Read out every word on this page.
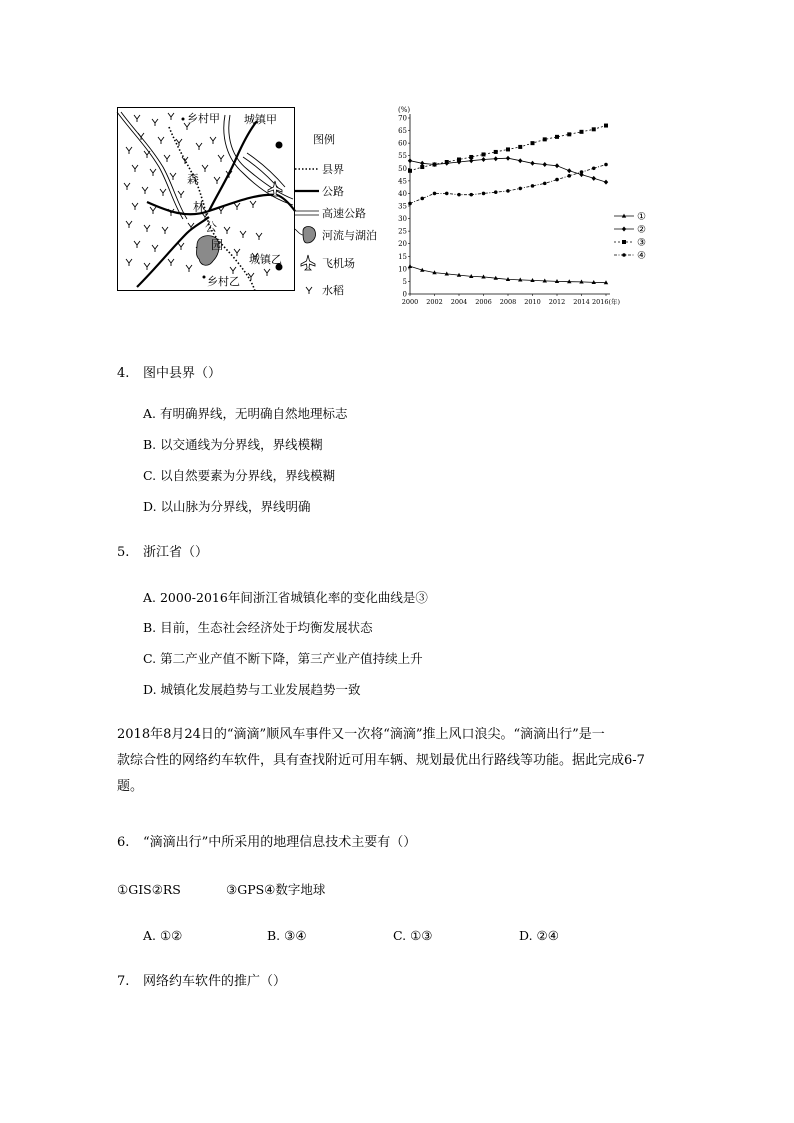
乡村甲 城镇甲
森
林
公
园
城镇乙
乡村乙
图例
县界
公路
高速公路
河流与湖泊
飞机场
水稻	0
5
10
15
20
25
30
35
40
45
50
55
60
65
70
(%)
2000 2002 2004 2006 2008 2010 2012 2014 2016(年)
①
②
③
④
4. 图中县界（）
A. 有明确界线，无明确自然地理标志
B. 以交通线为分界线，界线模糊
C. 以自然要素为分界线，界线模糊
D. 以山脉为分界线，界线明确
5. 浙江省（）
A. 2000-2016年间浙江省城镇化率的变化曲线是③
B. 目前，生态社会经济处于均衡发展状态
C. 第二产业产值不断下降，第三产业产值持续上升
D. 城镇化发展趋势与工业发展趋势一致
2018年8月24日的“滴滴”顺风车事件又一次将“滴滴”推上风口浪尖。“滴滴出行”是一
款综合性的网络约车软件，具有查找附近可用车辆、规划最优出行路线等功能。据此完成6-7
题。
6. “滴滴出行”中所采用的地理信息技术主要有（）
①GIS②RS	③GPS④数字地球
A. ①②	B. ③④	C. ①③	D. ②④
7. 网络约车软件的推广（）
